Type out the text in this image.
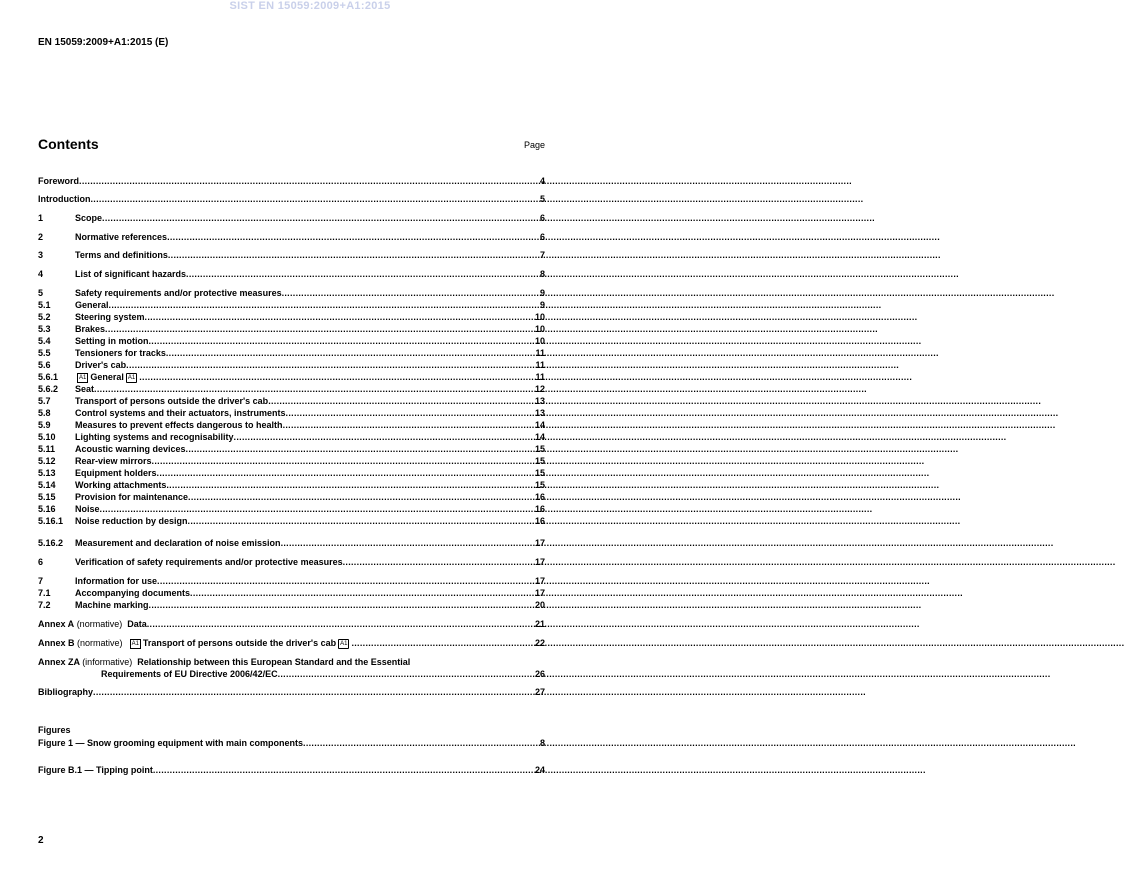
SIST EN 15059:2009+A1:2015
EN 15059:2009+A1:2015 (E)
Contents	Page
Foreword .....	4
Introduction .....	5
1	Scope .....	6
2	Normative references .....	6
3	Terms and definitions .....	7
4	List of significant hazards .....	8
5	Safety requirements and/or protective measures .....	9
5.1	General .....	9
5.2	Steering system .....	10
5.3	Brakes .....	10
5.4	Setting in motion .....	10
5.5	Tensioners for tracks .....	11
5.6	Driver's cab .....	11
5.6.1	A1 General A1 .....	11
5.6.2	Seat .....	12
5.7	Transport of persons outside the driver's cab .....	13
5.8	Control systems and their actuators, instruments .....	13
5.9	Measures to prevent effects dangerous to health .....	14
5.10	Lighting systems and recognisability .....	14
5.11	Acoustic warning devices .....	15
5.12	Rear-view mirrors .....	15
5.13	Equipment holders .....	15
5.14	Working attachments .....	15
5.15	Provision for maintenance .....	16
5.16	Noise .....	16
5.16.1	Noise reduction by design .....	16
5.16.2	Measurement and declaration of noise emission .....	17
6	Verification of safety requirements and/or protective measures .....	17
7	Information for use .....	17
7.1	Accompanying documents .....	17
7.2	Machine marking .....	20
Annex A (normative) Data .....	21
Annex B (normative) A1 Transport of persons outside the driver's cab A1 .....	22
Annex ZA (informative) Relationship between this European Standard and the Essential
Requirements of EU Directive 2006/42/EC .....	26
Bibliography .....	27
Figures
Figure 1 — Snow grooming equipment with main components .....	8
Figure B.1 — Tipping point .....	24
2
